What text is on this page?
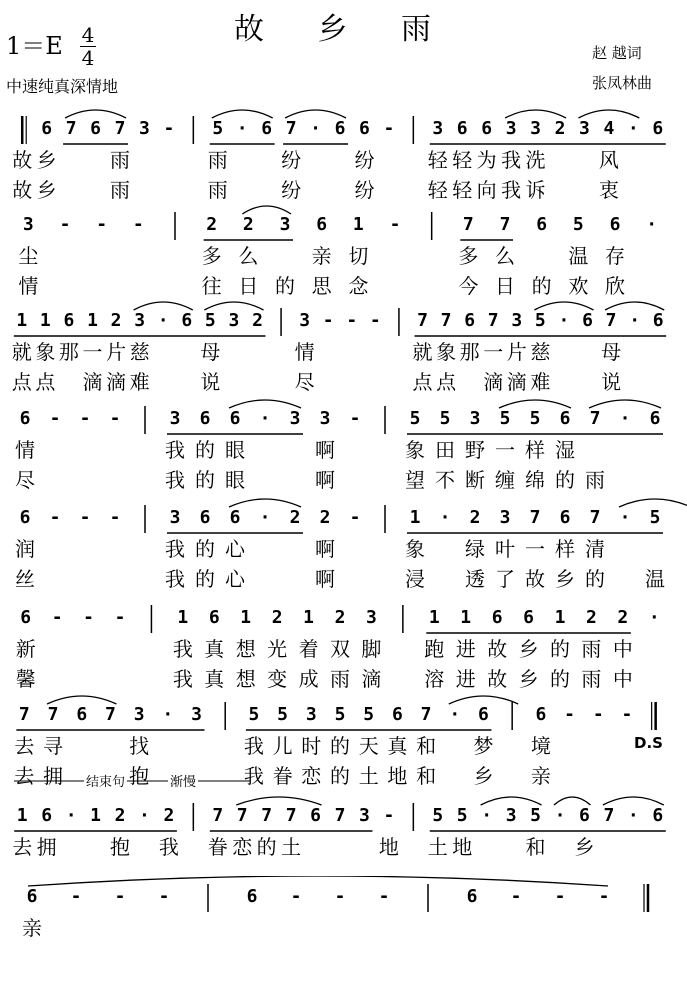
故 乡 雨
1＝E 4
4
中速纯真深情地
赵 越词
张凤林曲
6 7 6 7 3 - 5 · 6 7 · 6 6 - 3 6 6 3 3 2 3 4 · 6
故 乡	雨	雨	纷	纷	轻 轻 为 我 洗	风
故 乡	雨	雨	纷	纷	轻 轻 向 我 诉	衷
3 - - -	2 2 3 6 1 -	7 7 6 5 6 ·
尘	多 么	亲 切	多 么	温 存
情	往 日 的 思 念	今 日 的 欢 欣
1 1 6 1 2 3 · 6 5 3 2 3 - - - 7 7 6 7 3 5 · 6 7 · 6
就 象 那 一 片 慈	母	情	就 象 那 一 片 慈	母
点 点 滴 滴 难	说	尽	点 点 滴 滴 难	说
6 - - -	3 6 6 · 3 3 -	5 5 3 5 5 6 7 · 6
情	我 的 眼	啊	象 田 野 一 样 湿
尽	我 的 眼	啊	望 不 断 缠 绵 的 雨
6 - - -	3 6 6 · 2 2 -	1 · 2 3 7 6 7 · 5
润	我 的 心	啊	象 绿 叶 一 样 清
丝	我 的 心	啊	浸 透 了 故 乡 的 温
6 - - -	1 6 1 2 1 2 3	1 1 6 6 1 2 2 ·
新	我 真 想 光 着 双 脚 跑 进 故 乡 的 雨 中
馨	我 真 想 变 成 雨 滴 溶 进 故 乡 的 雨 中
7 7 6 7 3 · 3	5 5 3 5 5 6 7 · 6	6 - - -
去 寻	找	我 儿 时 的 天 真 和 梦 境
去 拥	抱	我 眷 恋 的 土 地 和 乡 亲
D.S
1 6 · 1 2 · 2 7 7 7 7 6 7 3 - 5 5 · 3 5 · 6 7 · 6
去 拥	抱 我 眷 恋 的 土	地 土 地	和 乡
结束句	渐慢
6 - - -	6 - - -	6 - - -
亲
